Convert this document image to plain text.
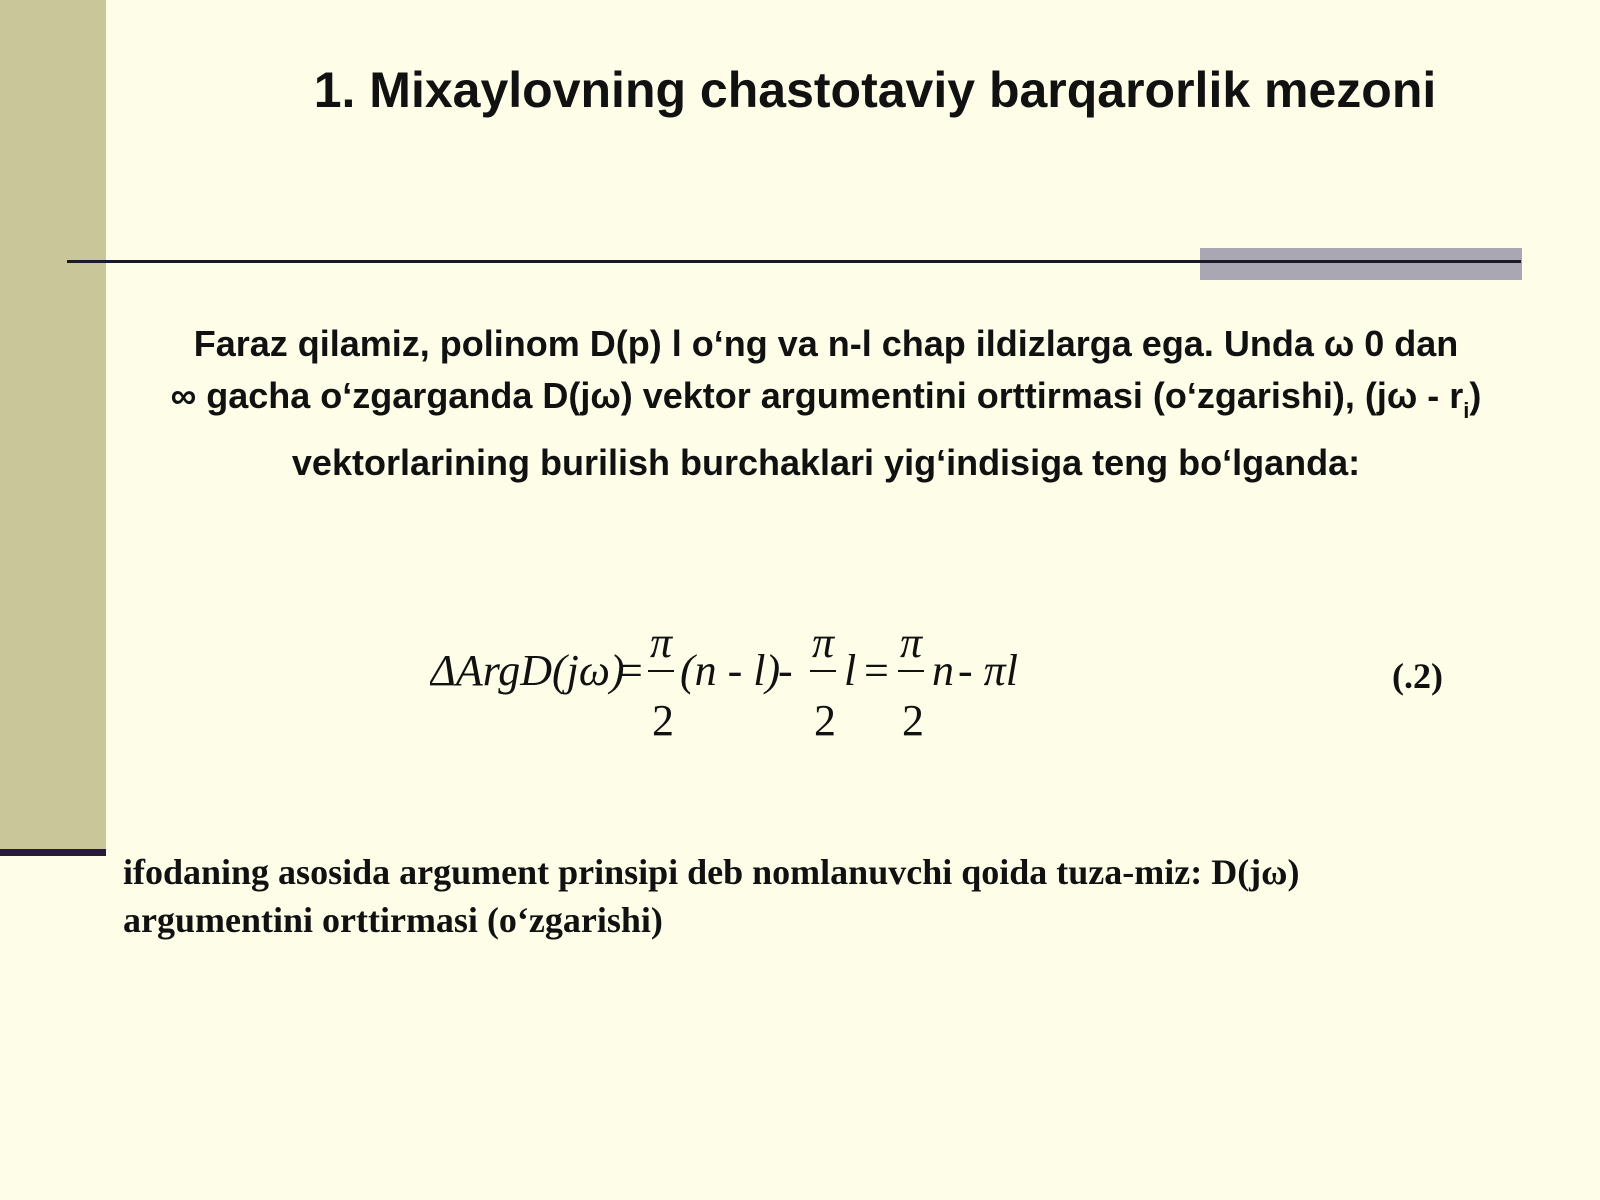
1. Mixaylovning chastotaviy barqarorlik mezoni
Faraz qilamiz, polinom D(p) l o‘ng va n-l chap ildizlarga ega. Unda ω 0 dan
∞ gacha o‘zgarganda D(jω) vektor argumentini orttirmasi (o‘zgarishi), $(j\omega - r_i)$
vektorlarining burilish burchaklari yig‘indisiga teng bo‘lganda:
ΔArgD(jω)
=
π
2
(n - l)
-
π
2
l =
π
2
n - πl	(.2)
ifodaning asosida argument prinsipi deb nomlanuvchi qoida tuza-miz: D(jω)
argumentini orttirmasi (o‘zgarishi)
